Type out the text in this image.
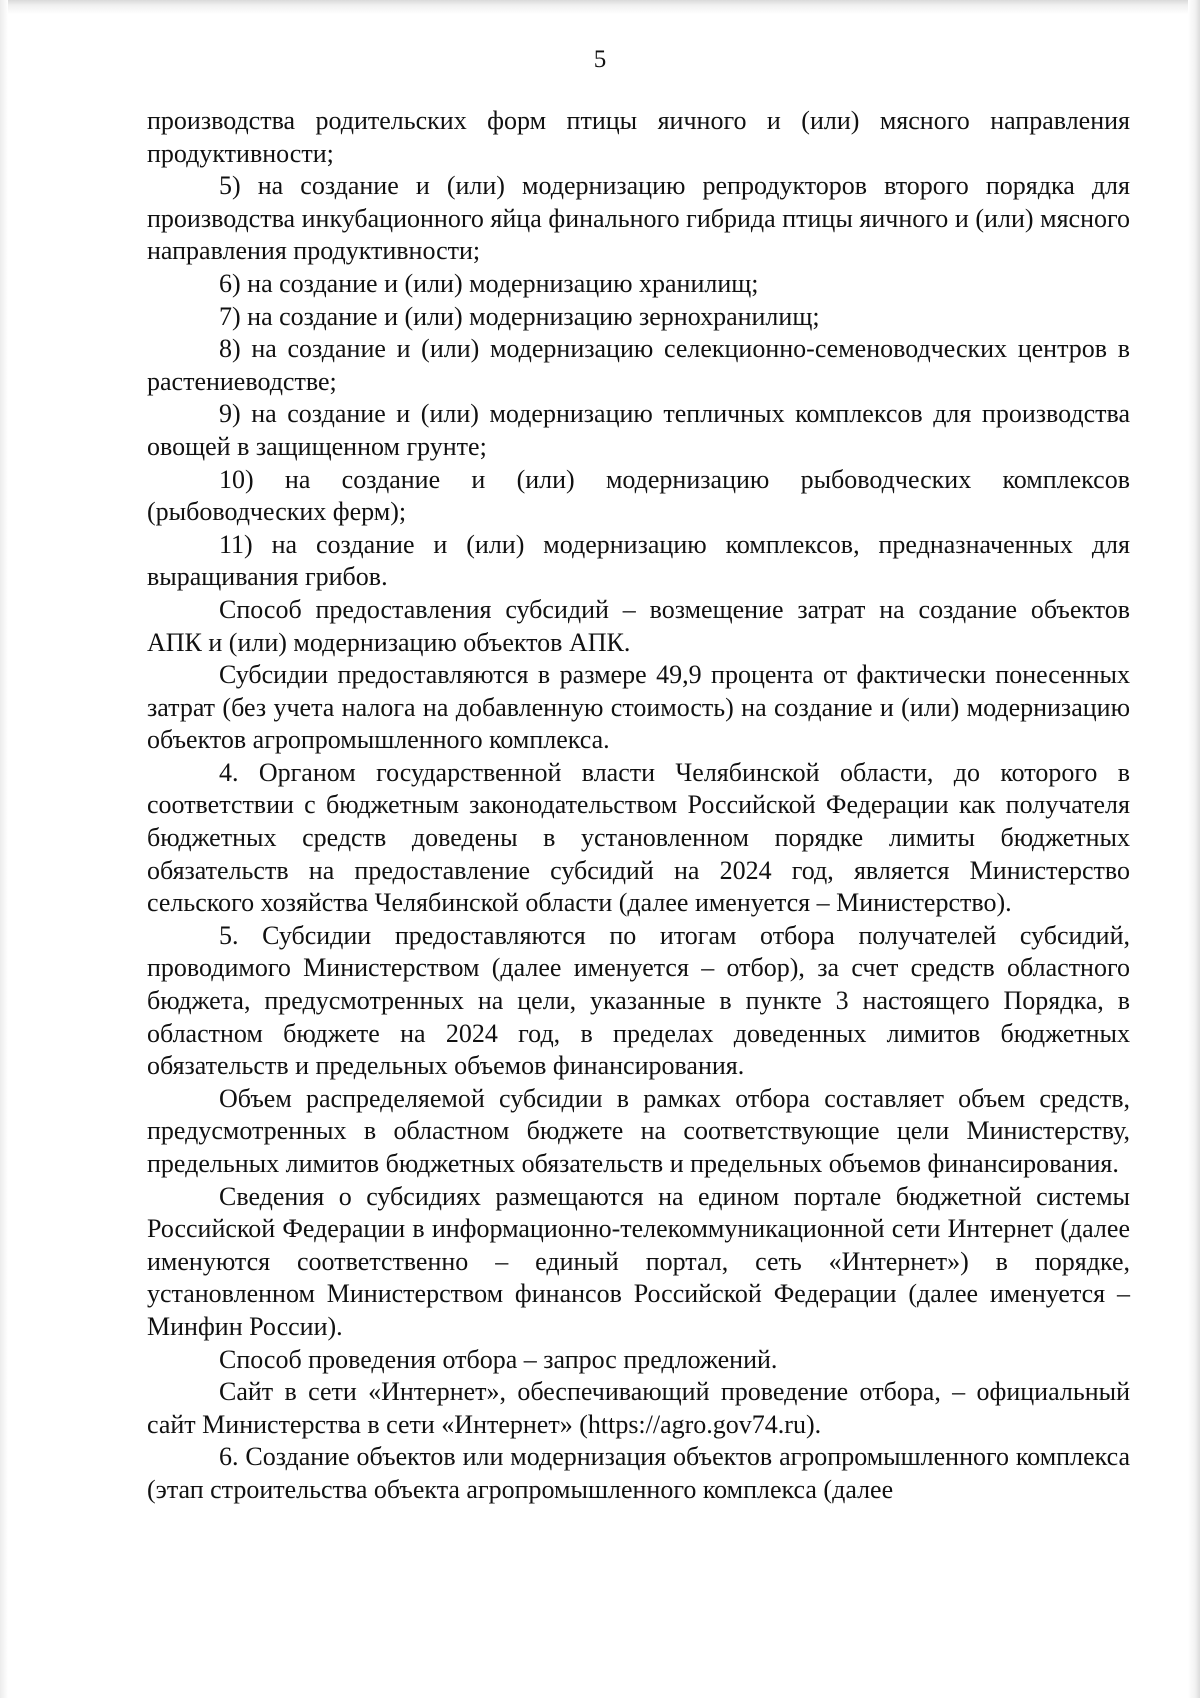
5

производства родительских форм птицы яичного и (или) мясного направления продуктивности;

5) на создание и (или) модернизацию репродукторов второго порядка для производства инкубационного яйца финального гибрида птицы яичного и (или) мясного направления продуктивности;

6) на создание и (или) модернизацию хранилищ;

7) на создание и (или) модернизацию зернохранилищ;

8) на создание и (или) модернизацию селекционно-семеноводческих центров в растениеводстве;

9) на создание и (или) модернизацию тепличных комплексов для производства овощей в защищенном грунте;

10) на создание и (или) модернизацию рыбоводческих комплексов (рыбоводческих ферм);

11) на создание и (или) модернизацию комплексов, предназначенных для выращивания грибов.

Способ предоставления субсидий – возмещение затрат на создание объектов АПК и (или) модернизацию объектов АПК.

Субсидии предоставляются в размере 49,9 процента от фактически понесенных затрат (без учета налога на добавленную стоимость) на создание и (или) модернизацию объектов агропромышленного комплекса.

4. Органом государственной власти Челябинской области, до которого в соответствии с бюджетным законодательством Российской Федерации как получателя бюджетных средств доведены в установленном порядке лимиты бюджетных обязательств на предоставление субсидий на 2024 год, является Министерство сельского хозяйства Челябинской области (далее именуется – Министерство).

5. Субсидии предоставляются по итогам отбора получателей субсидий, проводимого Министерством (далее именуется – отбор), за счет средств областного бюджета, предусмотренных на цели, указанные в пункте 3 настоящего Порядка, в областном бюджете на 2024 год, в пределах доведенных лимитов бюджетных обязательств и предельных объемов финансирования.

Объем распределяемой субсидии в рамках отбора составляет объем средств, предусмотренных в областном бюджете на соответствующие цели Министерству, предельных лимитов бюджетных обязательств и предельных объемов финансирования.

Сведения о субсидиях размещаются на едином портале бюджетной системы Российской Федерации в информационно-телекоммуникационной сети Интернет (далее именуются соответственно – единый портал, сеть «Интернет») в порядке, установленном Министерством финансов Российской Федерации (далее именуется – Минфин России).

Способ проведения отбора – запрос предложений.

Сайт в сети «Интернет», обеспечивающий проведение отбора, – официальный сайт Министерства в сети «Интернет» (https://agro.gov74.ru).

6. Создание объектов или модернизация объектов агропромышленного комплекса (этап строительства объекта агропромышленного комплекса (далее
